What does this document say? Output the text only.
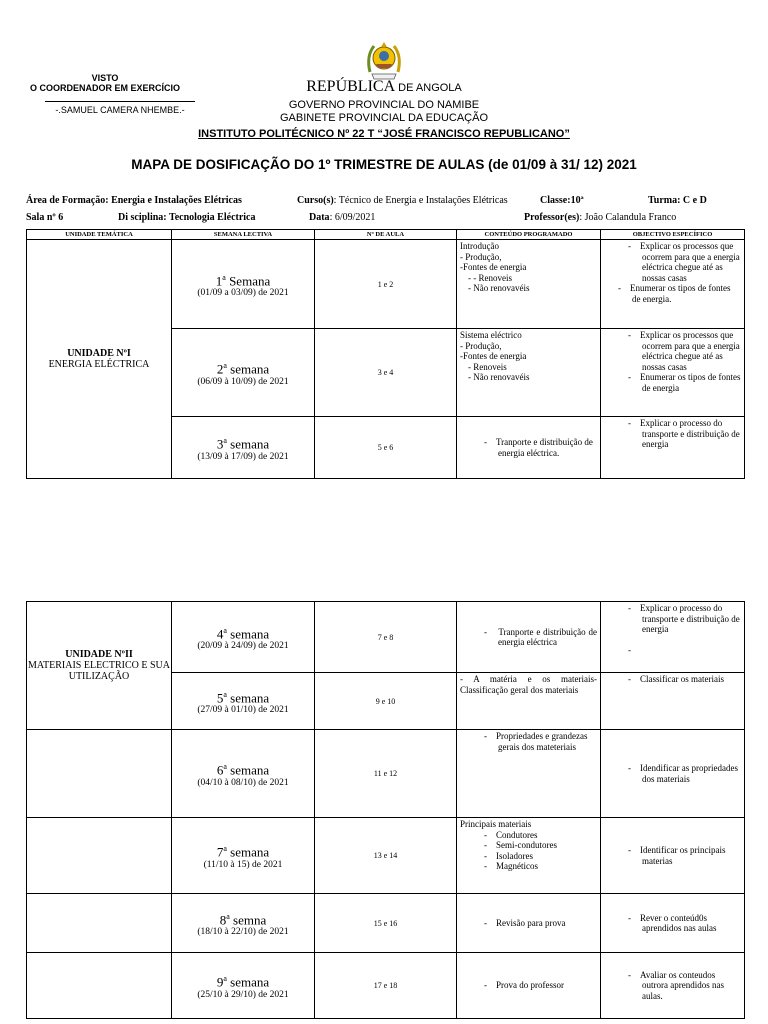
VISTO
O COORDENADOR EM EXERCÍCIO
-.SAMUEL CAMERA NHEMBE.-
REPÚBLICA DE ANGOLA
GOVERNO PROVINCIAL DO NAMIBE
GABINETE PROVINCIAL DA EDUCAÇÃO
INSTITUTO POLITÉCNICO Nº 22 T “JOSÉ FRANCISCO REPUBLICANO”
MAPA DE DOSIFICAÇÃO DO 1º TRIMESTRE DE AULAS (de 01/09 à 31/ 12) 2021
Área de Formação: Energia e Instalações Elétricas	Curso(s): Técnico de Energia e Instalações Elétricas	Classe:10ª	Turma: C e D
Sala nº 6	Di sciplina: Tecnologia Eléctrica	Data: 6/09/2021	Professor(es): João Calandula Franco
UNIDADE TEMÁTICA	SEMANA LECTIVA	Nº DE AULA	CONTEÚDO PROGRAMADO	OBJECTIVO ESPECÍFICO
UNIDADE NºI
ENERGIA ELÉCTRICA	1$^a$ Semana
(01/09 a 03/09) de 2021	1 e 2	Introdução
- Produção,
-Fontes de energia
- - Renoveis
- Não renovavéis	-    Explicar os processos que ocorrem para que a energia eléctrica chegue até as nossas casas
-    Enumerar os tipos de fontes de energia.

	2$^a$ semana
(06/09 à 10/09) de 2021	3 e 4	Sistema eléctrico
- Produção,
-Fontes de energia
- Renoveis
- Não renovavéis	-    Explicar os processos que ocorrem para que a energia eléctrica chegue até as nossas casas
-    Enumerar os tipos de fontes de energia

	3$^a$ semana
(13/09 à 17/09) de 2021	5 e 6	-    Tranporte e distribuição de energia eléctrica.	-    Explicar o processo do transporte e distribuição de energia
UNIDADE NºII
MATERIAIS ELECTRICO E SUA UTILIZAÇÃO	4$^a$ semana
(20/09 à 24/09) de 2021	7 e 8	-    Tranporte e distribuição de energia eléctrica	-    Explicar o processo do transporte e distribuição de energia
-

	5$^a$ semana
(27/09 à 01/10) de 2021	9 e 10	- A matéria e os materiais- Classificação geral dos materiais	-    Classificar os materiais

	6$^a$ semana
(04/10 à 08/10) de 2021	11 e 12	-    Propriedades e grandezas gerais dos mateteriais	-    Idendificar as propriedades dos materiais

	7$^a$ semana
(11/10 à 15) de 2021	13 e 14	Principais materiais
-    Condutores
-    Semi-condutores
-    Isoladores
-    Magnéticos	-    Identificar os principais materias

	8$^a$ semna
(18/10 à 22/10) de 2021	15 e 16	-    Revisão para prova	-    Rever o conteúd0s aprendidos nas aulas

	9$^a$ semana
(25/10 à 29/10) de 2021	17 e 18	-    Prova do professor	-    Avaliar os conteudos outrora aprendidos nas aulas.
